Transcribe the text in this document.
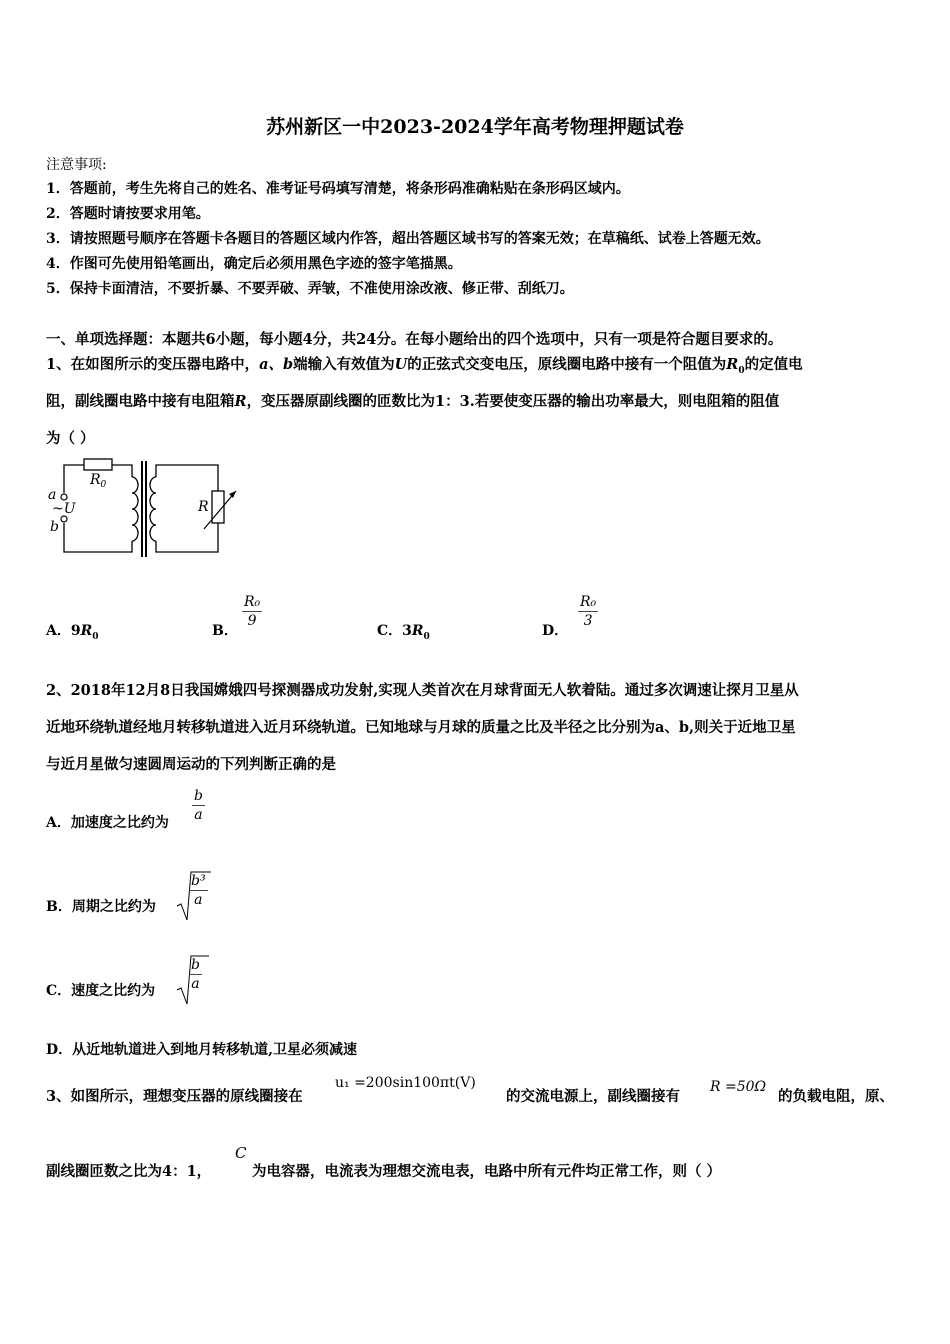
苏州新区一中2023-2024学年高考物理押题试卷
注意事项:
1．答题前，考生先将自己的姓名、准考证号码填写清楚，将条形码准确粘贴在条形码区域内。
2．答题时请按要求用笔。
3．请按照题号顺序在答题卡各题目的答题区域内作答，超出答题区域书写的答案无效；在草稿纸、试卷上答题无效。
4．作图可先使用铅笔画出，确定后必须用黑色字迹的签字笔描黑。
5．保持卡面清洁，不要折暴、不要弄破、弄皱，不准使用涂改液、修正带、刮纸刀。
一、单项选择题：本题共6小题，每小题4分，共24分。在每小题给出的四个选项中，只有一项是符合题目要求的。
1、在如图所示的变压器电路中，a、b端输入有效值为U的正弦式交变电压，原线圈电路中接有一个阻值为$R_0$的定值电
阻，副线圈电路中接有电阻箱R，变压器原副线圈的匝数比为1：3.若要使变压器的输出功率最大，则电阻箱的阻值
为（ ）
$R_0$
a
~U
b
R
A．$9R_0$	B．
$\frac{\text{R₀}}{9}$
C．$3R_0$	D．
$\frac{\text{R₀}}{3}$
2、2018年12月8日我国嫦娥四号探测器成功发射,实现人类首次在月球背面无人软着陆。通过多次调速让探月卫星从
近地环绕轨道经地月转移轨道进入近月环绕轨道。已知地球与月球的质量之比及半径之比分别为a、b,则关于近地卫星
与近月星做匀速圆周运动的下列判断正确的是
A．加速度之比约为 $\frac{b}{a}$
B．周期之比约为 $\frac{\text{b³}}{a}$
C．速度之比约为 $\frac{b}{a}$
D．从近地轨道进入到地月转移轨道,卫星必须减速
3、如图所示，理想变压器的原线圈接在
u₁ =200sin100πt(V)
的交流电源上，副线圈接有
R =50Ω
的负载电阻，原、
副线圈匝数之比为4：1，
C
为电容器，电流表为理想交流电表，电路中所有元件均正常工作，则（ ）
